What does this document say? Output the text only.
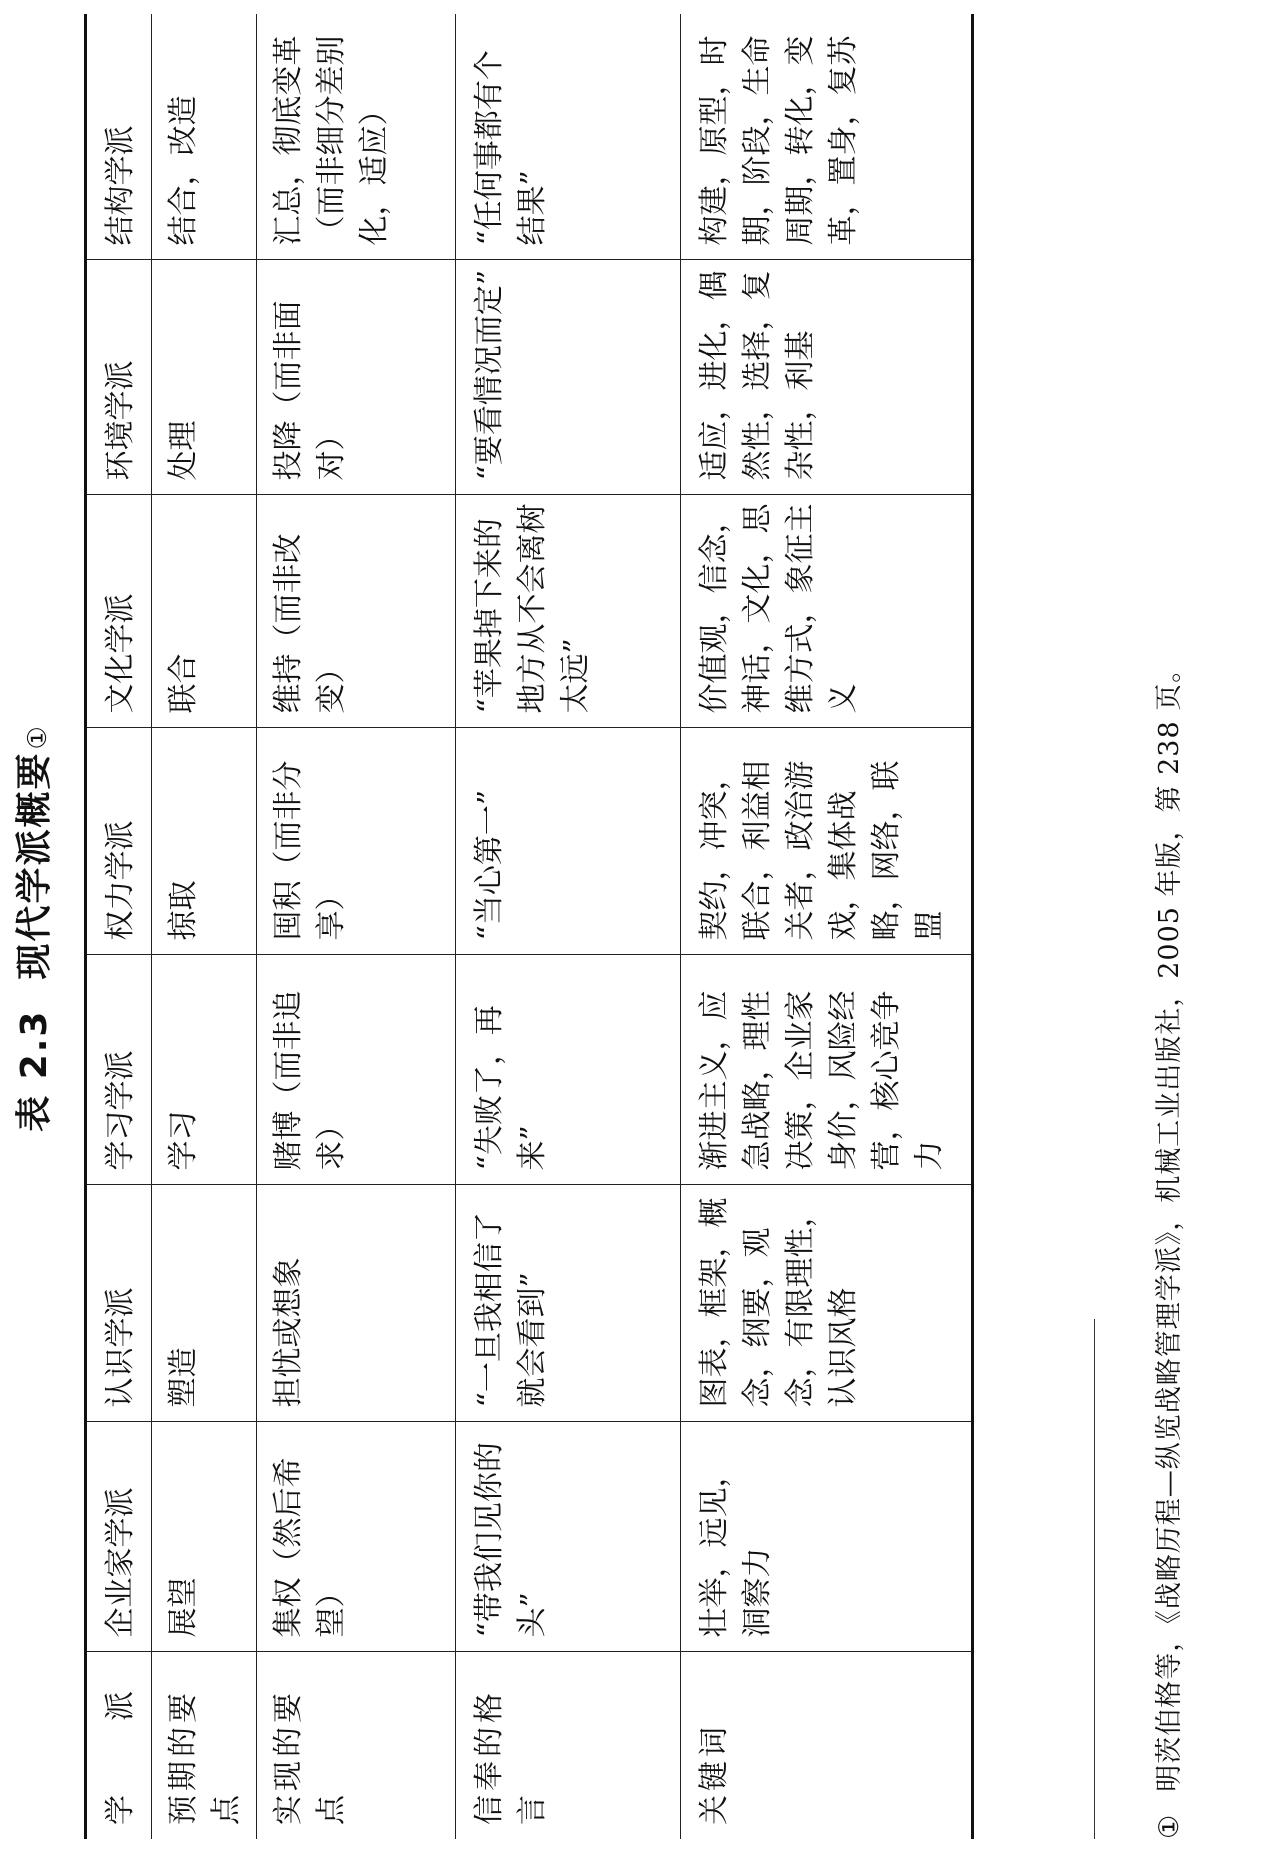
表 2.3现代学派概要①
学　派	企业家学派	认识学派	学习学派	权力学派	文化学派	环境学派	结构学派
预期的要点	展望	塑造	学习	掠取	联合	处理	结合，改造
实现的要点	集权（然后希望）	担忧或想象	赌博（而非追求）	囤积（而非分享）	维持（而非改变）	投降（而非面对）	汇总，彻底变革（而非细分差别化，适应）
信奉的格言	“带我们见你的头”	“一旦我相信了就会看到”	“失败了，再来”	“当心第一”	“苹果掉下来的地方从不会离树太远”	“要看情况而定”	“任何事都有个结果”
关键词	壮举，远见，洞察力	图表，框架，概念，纲要，观念，有限理性，认识风格	渐进主义，应急战略，理性决策，企业家身价，风险经营，核心竞争力	契约，冲突，联合，利益相关者，政治游戏，集体战略，网络，联盟	价值观，信念，神话，文化，思维方式，象征主义	适应，进化，偶然性，选择，复杂性，利基	构建，原型，时期，阶段，生命周期，转化，变革，置身，复苏
①明茨伯格等，《战略历程—纵览战略管理学派》，机械工业出版社，2005 年版，第 238 页。
